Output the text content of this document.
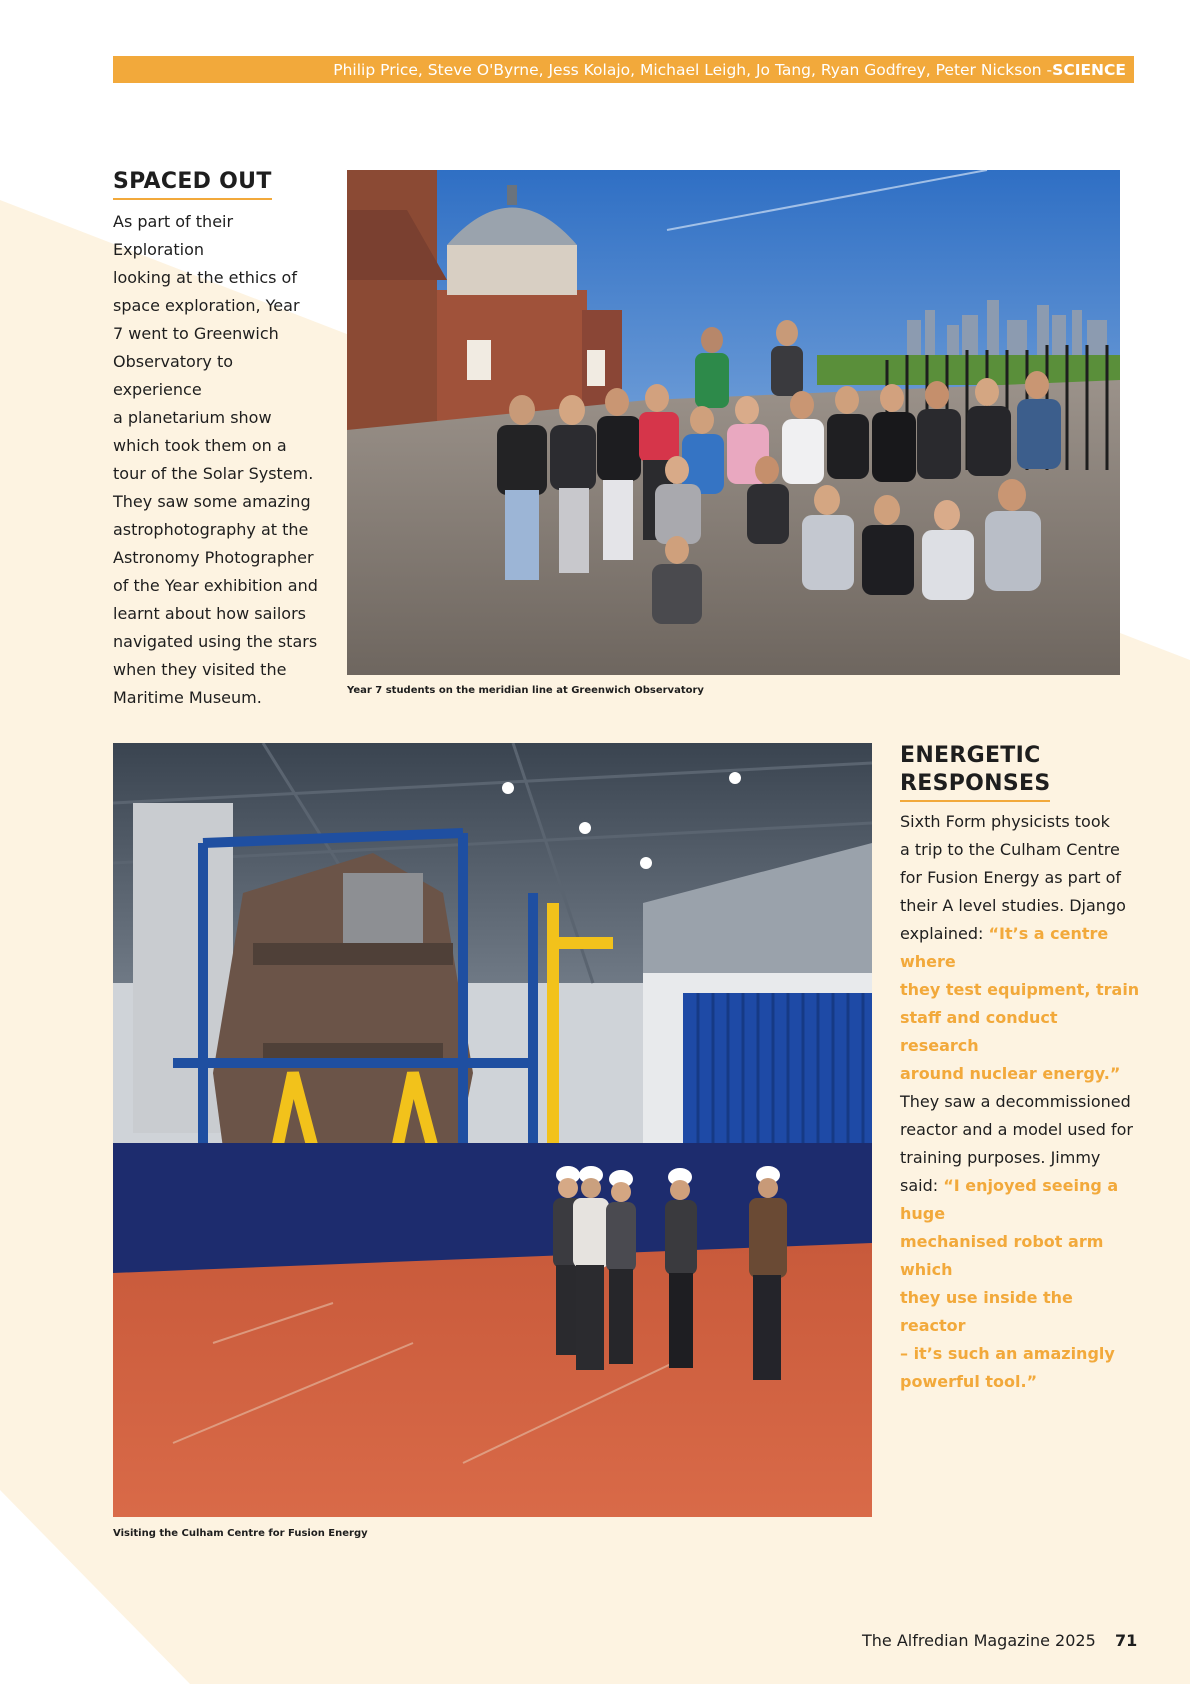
Philip Price, Steve O'Byrne, Jess Kolajo, Michael Leigh, Jo Tang, Ryan Godfrey, Peter Nickson - SCIENCE
SPACED OUT
As part of their Exploration
looking at the ethics of
space exploration, Year
7 went to Greenwich
Observatory to experience
a planetarium show
which took them on a
tour of the Solar System.
They saw some amazing
astrophotography at the
Astronomy Photographer
of the Year exhibition and
learnt about how sailors
navigated using the stars
when they visited the
Maritime Museum.	Year 7 students on the meridian line at Greenwich Observatory
Visiting the Culham Centre for Fusion Energy
ENERGETIC
RESPONSES
Sixth Form physicists took
a trip to the Culham Centre
for Fusion Energy as part of
their A level studies. Django
explained: “It’s a centre where
they test equipment, train
staff and conduct research
around nuclear energy.”
They saw a decommissioned
reactor and a model used for
training purposes. Jimmy
said: “I enjoyed seeing a huge
mechanised robot arm which
they use inside the reactor
– it’s such an amazingly
powerful tool.”
The Alfredian Magazine 2025 71
